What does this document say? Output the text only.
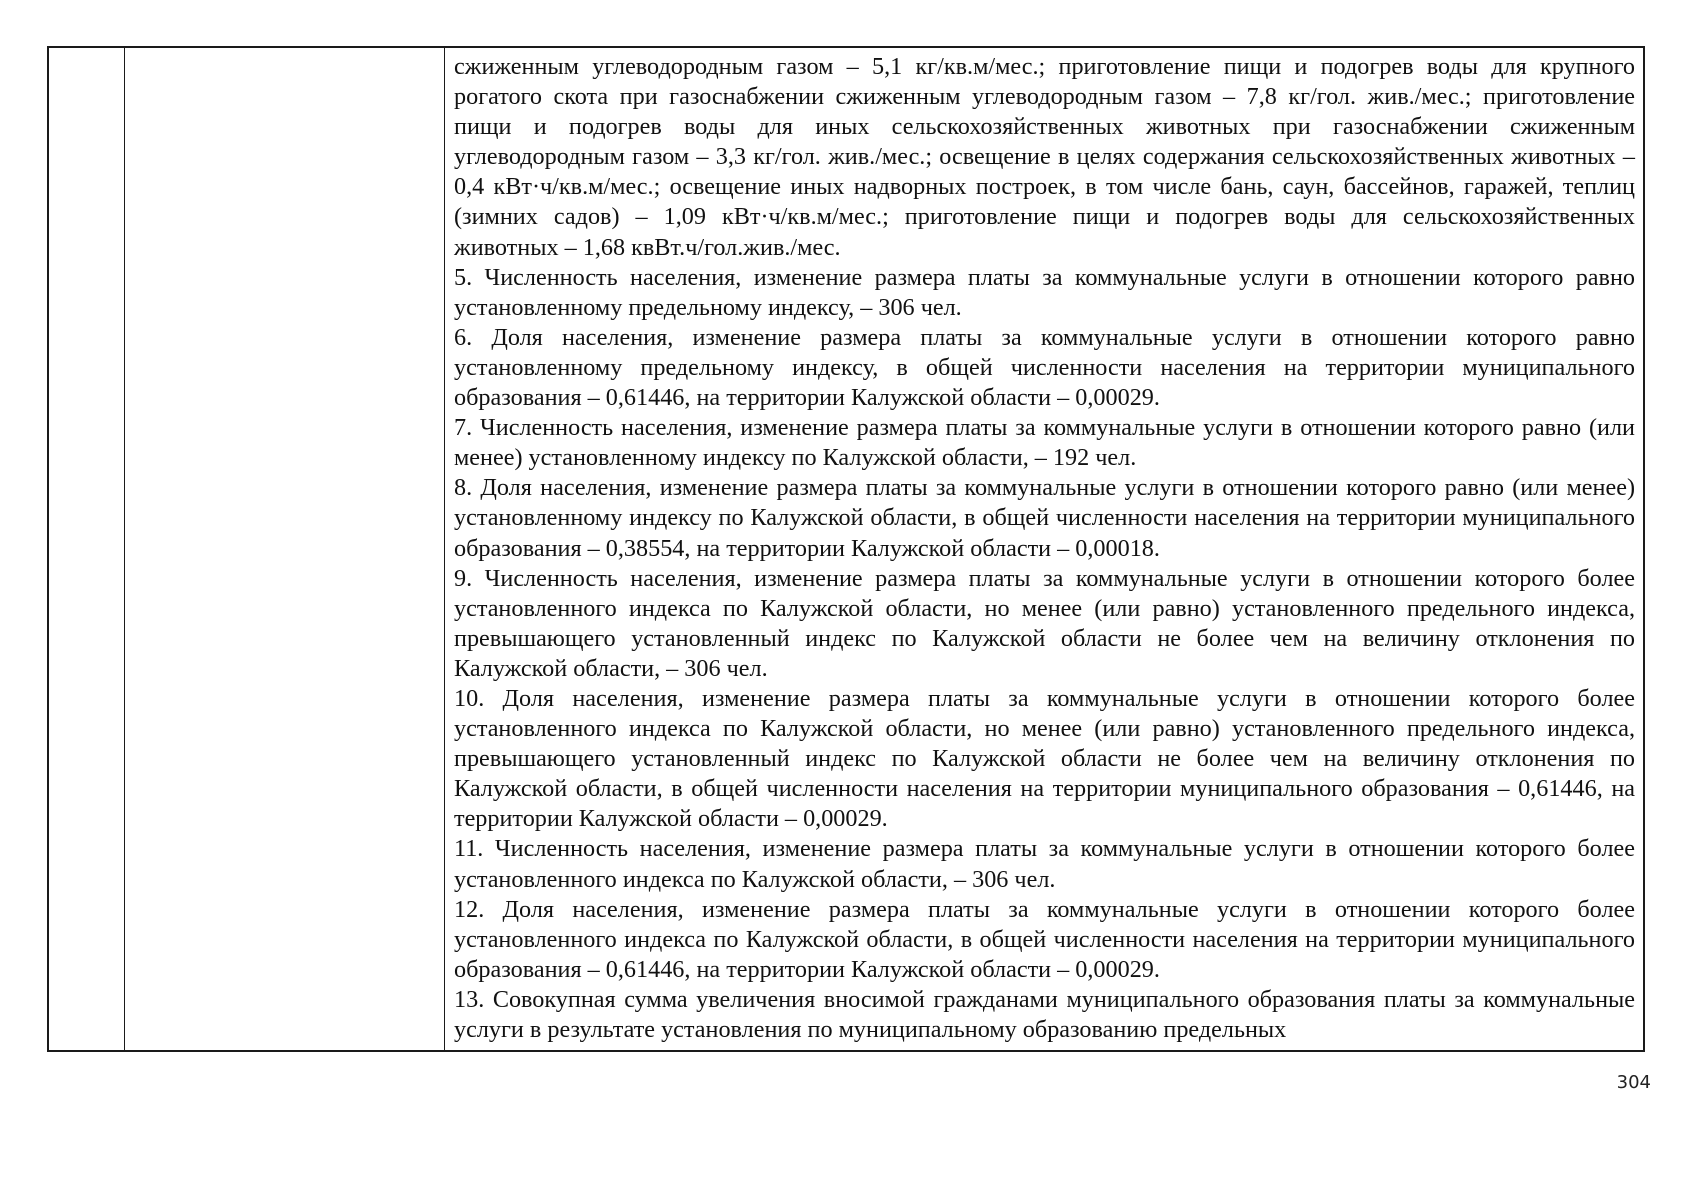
сжиженным углеводородным газом – 5,1 кг/кв.м/мес.; приготовление пищи и подогрев воды для крупного рогатого скота при газоснабжении сжиженным углеводородным газом – 7,8 кг/гол. жив./мес.; приготовление пищи и подогрев воды для иных сельскохозяйственных животных при газоснабжении сжиженным углеводородным газом – 3,3 кг/гол. жив./мес.; освещение в целях содержания сельскохозяйственных животных – 0,4 кВт·ч/кв.м/мес.; освещение иных надворных построек, в том числе бань, саун, бассейнов, гаражей, теплиц (зимних садов) – 1,09 кВт·ч/кв.м/мес.; приготовление пищи и подогрев воды для сельскохозяйственных животных – 1,68 квВт.ч/гол.жив./мес.

5. Численность населения, изменение размера платы за коммунальные услуги в отношении которого равно установленному предельному индексу, – 306 чел.

6. Доля населения, изменение размера платы за коммунальные услуги в отношении которого равно установленному предельному индексу, в общей численности населения на территории муниципального образования – 0,61446, на территории Калужской области – 0,00029.

7. Численность населения, изменение размера платы за коммунальные услуги в отношении которого равно (или менее) установленному индексу по Калужской области, – 192 чел.

8. Доля населения, изменение размера платы за коммунальные услуги в отношении которого равно (или менее) установленному индексу по Калужской области, в общей численности населения на территории муниципального образования – 0,38554, на территории Калужской области – 0,00018.

9. Численность населения, изменение размера платы за коммунальные услуги в отношении которого более установленного индекса по Калужской области, но менее (или равно) установленного предельного индекса, превышающего установленный индекс по Калужской области не более чем на величину отклонения по Калужской области, – 306 чел.

10. Доля населения, изменение размера платы за коммунальные услуги в отношении которого более установленного индекса по Калужской области, но менее (или равно) установленного предельного индекса, превышающего установленный индекс по Калужской области не более чем на величину отклонения по Калужской области, в общей численности населения на территории муниципального образования – 0,61446, на территории Калужской области – 0,00029.

11. Численность населения, изменение размера платы за коммунальные услуги в отношении которого более установленного индекса по Калужской области, – 306 чел.

12. Доля населения, изменение размера платы за коммунальные услуги в отношении которого более установленного индекса по Калужской области, в общей численности населения на территории муниципального образования – 0,61446, на территории Калужской области – 0,00029.

13. Совокупная сумма увеличения вносимой гражданами муниципального образования платы за коммунальные услуги в результате установления по муниципальному образованию предельных

304
